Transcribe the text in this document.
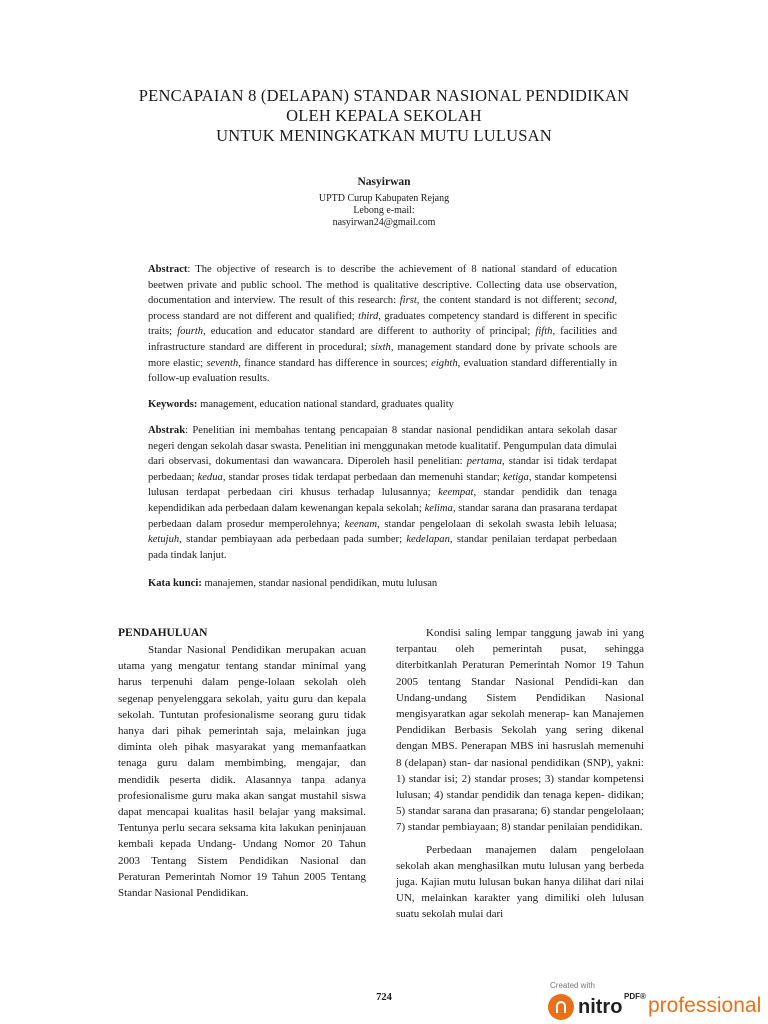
PENCAPAIAN 8 (DELAPAN) STANDAR NASIONAL PENDIDIKAN
OLEH KEPALA SEKOLAH
UNTUK MENINGKATKAN MUTU LULUSAN
Nasyirwan
UPTD Curup Kabupaten Rejang
Lebong e-mail:
nasyirwan24@gmail.com
Abstract: The objective of research is to describe the achievement of 8 national standard of education beetwen private and public school. The method is qualitative descriptive. Collecting data use observation, documentation and interview. The result of this research: first, the content standard is not different; second, process standard are not different and qualified; third, graduates competency standard is different in specific traits; fourth, education and educator standard are different to authority of principal; fifth, facilities and infrastructure standard are different in procedural; sixth, management standard done by private schools are more elastic; seventh, finance standard has difference in sources; eighth, evaluation standard differentially in follow-up evaluation results.
Keywords: management, education national standard, graduates quality
Abstrak: Penelitian ini membahas tentang pencapaian 8 standar nasional pendidikan antara sekolah dasar negeri dengan sekolah dasar swasta. Penelitian ini menggunakan metode kualitatif. Pengumpulan data dimulai dari observasi, dokumentasi dan wawancara. Diperoleh hasil penelitian: pertama, standar isi tidak terdapat perbedaan; kedua, standar proses tidak terdapat perbedaan dan memenuhi standar; ketiga, standar kompetensi lulusan terdapat perbedaan ciri khusus terhadap lulusannya; keempat, standar pendidik dan tenaga kependidikan ada perbedaan dalam kewenangan kepala sekolah; kelima, standar sarana dan prasarana terdapat perbedaan dalam prosedur memperolehnya; keenam, standar pengelolaan di sekolah swasta lebih leluasa; ketujuh, standar pembiayaan ada perbedaan pada sumber; kedelapan, standar penilaian terdapat perbedaan pada tindak lanjut.
Kata kunci: manajemen, standar nasional pendidikan, mutu lulusan
PENDAHULUAN

Standar Nasional Pendidikan merupakan acuan utama yang mengatur tentang standar minimal yang harus terpenuhi dalam penge-lolaan sekolah oleh segenap penyelenggara sekolah, yaitu guru dan kepala sekolah. Tuntutan profesionalisme seorang guru tidak hanya dari pihak pemerintah saja, melainkan juga diminta oleh pihak masyarakat yang memanfaatkan tenaga guru dalam membimbing, mengajar, dan mendidik peserta didik. Alasannya tanpa adanya profesionalisme guru maka akan sangat mustahil siswa dapat mencapai kualitas hasil belajar yang maksimal. Tentunya perlu secara seksama kita lakukan peninjauan kembali kepada Undang- Undang Nomor 20 Tahun 2003 Tentang Sistem Pendidikan Nasional dan Peraturan Pemerintah Nomor 19 Tahun 2005 Tentang Standar Nasional Pendidikan.

Kondisi saling lempar tanggung jawab ini yang terpantau oleh pemerintah pusat, sehingga diterbitkanlah Peraturan Pemerintah Nomor 19 Tahun 2005 tentang Standar Nasional Pendidi-kan dan Undang-undang Sistem Pendidikan Nasional mengisyaratkan agar sekolah menerap- kan Manajemen Pendidikan Berbasis Sekolah yang sering dikenal dengan MBS. Penerapan MBS ini hasruslah memenuhi 8 (delapan) stan- dar nasional pendidikan (SNP), yakni: 1) standar isi; 2) standar proses; 3) standar kompetensi lulusan; 4) standar pendidik dan tenaga kepen- didikan; 5) standar sarana dan prasarana; 6) standar pengelolaan; 7) standar pembiayaan; 8) standar penilaian pendidikan.

Perbedaan manajemen dalam pengelolaan sekolah akan menghasilkan mutu lulusan yang berbeda juga. Kajian mutu lulusan bukan hanya dilihat dari nilai UN, melainkan karakter yang dimiliki oleh lulusan suatu sekolah mulai dari

724
Created with
nitro PDF® professional
